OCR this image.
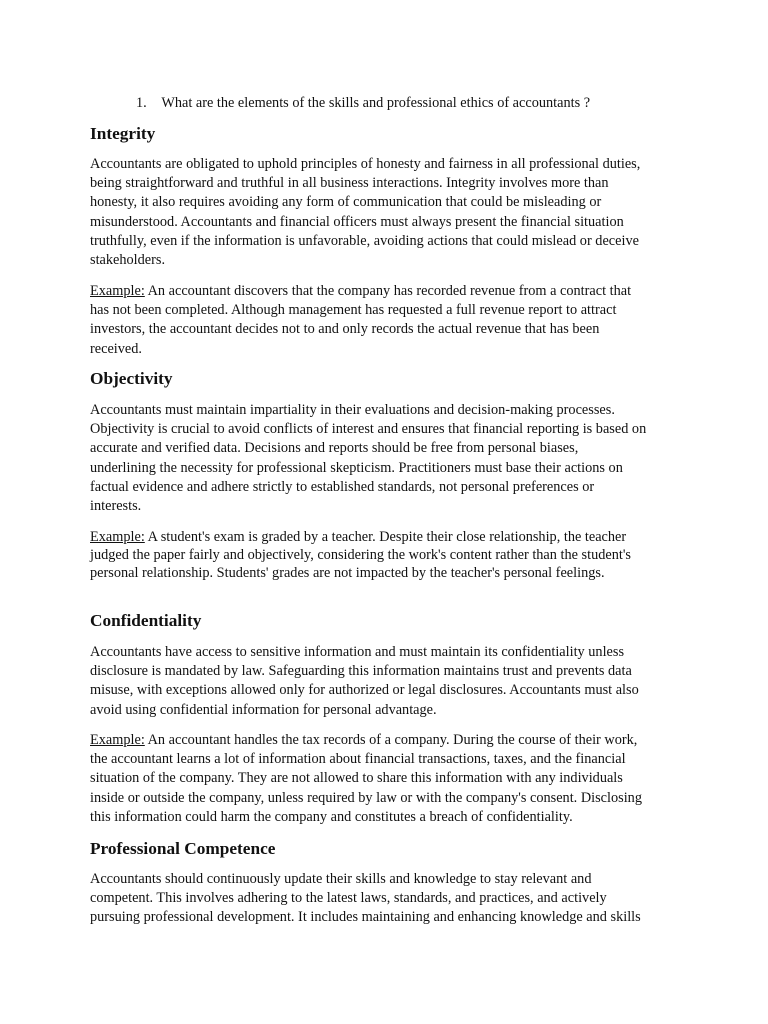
1. What are the elements of the skills and professional ethics of accountants ?
Integrity
Accountants are obligated to uphold principles of honesty and fairness in all professional duties,
being straightforward and truthful in all business interactions. Integrity involves more than
honesty, it also requires avoiding any form of communication that could be misleading or
misunderstood. Accountants and financial officers must always present the financial situation
truthfully, even if the information is unfavorable, avoiding actions that could mislead or deceive
stakeholders.
Example: An accountant discovers that the company has recorded revenue from a contract that
has not been completed. Although management has requested a full revenue report to attract
investors, the accountant decides not to and only records the actual revenue that has been
received.
Objectivity
Accountants must maintain impartiality in their evaluations and decision-making processes.
Objectivity is crucial to avoid conflicts of interest and ensures that financial reporting is based on
accurate and verified data. Decisions and reports should be free from personal biases,
underlining the necessity for professional skepticism. Practitioners must base their actions on
factual evidence and adhere strictly to established standards, not personal preferences or
interests.
Example: A student's exam is graded by a teacher. Despite their close relationship, the teacher
judged the paper fairly and objectively, considering the work's content rather than the student's
personal relationship. Students' grades are not impacted by the teacher's personal feelings.
Confidentiality
Accountants have access to sensitive information and must maintain its confidentiality unless
disclosure is mandated by law. Safeguarding this information maintains trust and prevents data
misuse, with exceptions allowed only for authorized or legal disclosures. Accountants must also
avoid using confidential information for personal advantage.
Example: An accountant handles the tax records of a company. During the course of their work,
the accountant learns a lot of information about financial transactions, taxes, and the financial
situation of the company. They are not allowed to share this information with any individuals
inside or outside the company, unless required by law or with the company's consent. Disclosing
this information could harm the company and constitutes a breach of confidentiality.
Professional Competence
Accountants should continuously update their skills and knowledge to stay relevant and
competent. This involves adhering to the latest laws, standards, and practices, and actively
pursuing professional development. It includes maintaining and enhancing knowledge and skills
